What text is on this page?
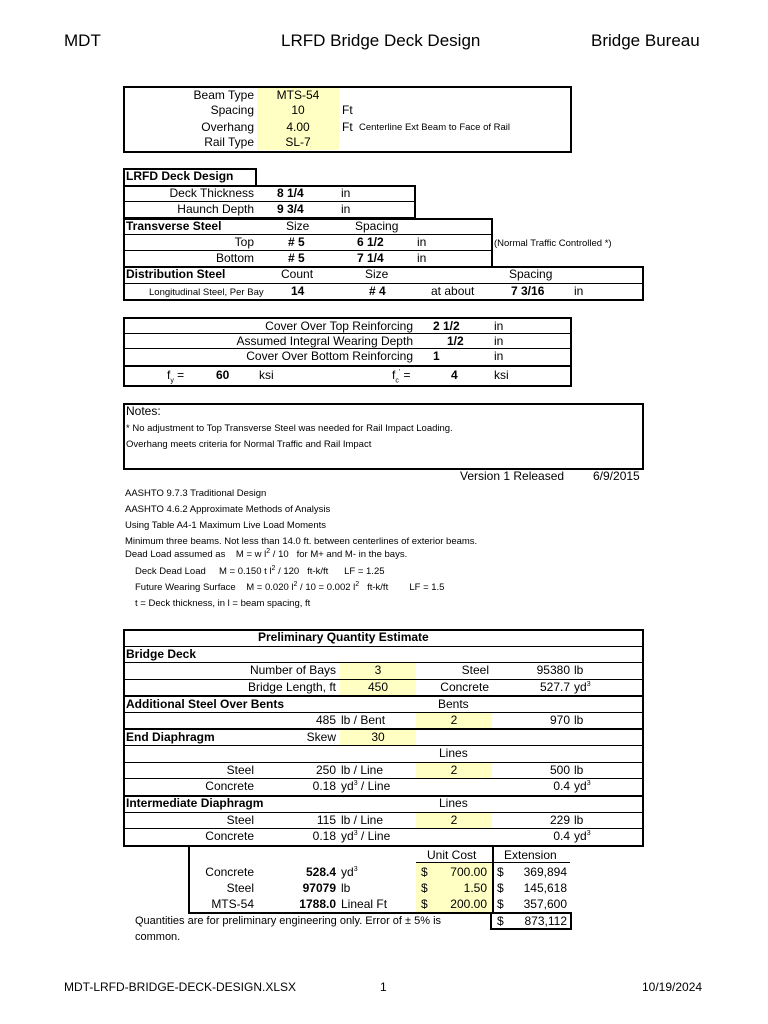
MDT	LRFD Bridge Deck Design	Bridge Bureau
Beam Type	MTS-54
Spacing	10	Ft
Overhang	4.00	Ft Centerline Ext Beam to Face of Rail
Rail Type	SL-7
LRFD Deck Design
Deck Thickness 8 1/4	in
Haunch Depth 9 3/4	in
Transverse Steel	Size	Spacing
Top	# 5	6 1/2	in	(Normal Traffic Controlled *)
Bottom	# 5	7 1/4	in
Distribution Steel	Count	Size	Spacing
Longitudinal Steel, Per Bay 14	# 4	at about	7 3/16 in
Cover Over Top Reinforcing 2 1/2	in
Assumed Integral Wearing Depth	1/2	in
Cover Over Bottom Reinforcing 1	in
$f_y$ =	60 ksi	$f_c'$ =	4	ksi
Notes:
* No adjustment to Top Transverse Steel was needed for Rail Impact Loading.
Overhang meets criteria for Normal Traffic and Rail Impact
Version 1 Released 6/9/2015
AASHTO 9.7.3 Traditional Design
AASHTO 4.6.2 Approximate Methods of Analysis
Using Table A4-1 Maximum Live Load Moments
Minimum three beams. Not less than 14.0 ft. between centerlines of exterior beams.
Dead Load assumed as M = w $l^2 / 10$ for M+ and M- in the bays.
Deck Dead Load M = 0.150 t $l^2 / 120$ ft-k/ft LF = 1.25
Future Wearing Surface M = 0.020 $l^2 / 10 = 0.002$ $l^2$ ft-k/ft LF = 1.5
t = Deck thickness, in l = beam spacing, ft
Preliminary Quantity Estimate
Bridge Deck
Number of Bays	3	Steel	95380 lb
Bridge Length, ft	450	Concrete	527.7 $yd^3$
Additional Steel Over Bents	Bents
485 lb / Bent	2	970 lb
End Diaphragm	Skew	30
Lines
Steel	250 lb / Line	2	500 lb
Concrete	0.18 $yd^3$ / Line	0.4 $yd^3$
Intermediate Diaphragm	Lines
Steel	115 lb / Line	2	229 lb
Concrete	0.18 $yd^3$ / Line	0.4 $yd^3$
Unit Cost Extension
Concrete	528.4 $yd^3$	$	700.00 $	369,894
Steel	97079 lb	$	1.50 $	145,618
MTS-54	1788.0 Lineal Ft	$	200.00 $	357,600
$	873,112
Quantities are for preliminary engineering only. Error of ± 5% is
common.
MDT-LRFD-BRIDGE-DECK-DESIGN.XLSX	1	10/19/2024
